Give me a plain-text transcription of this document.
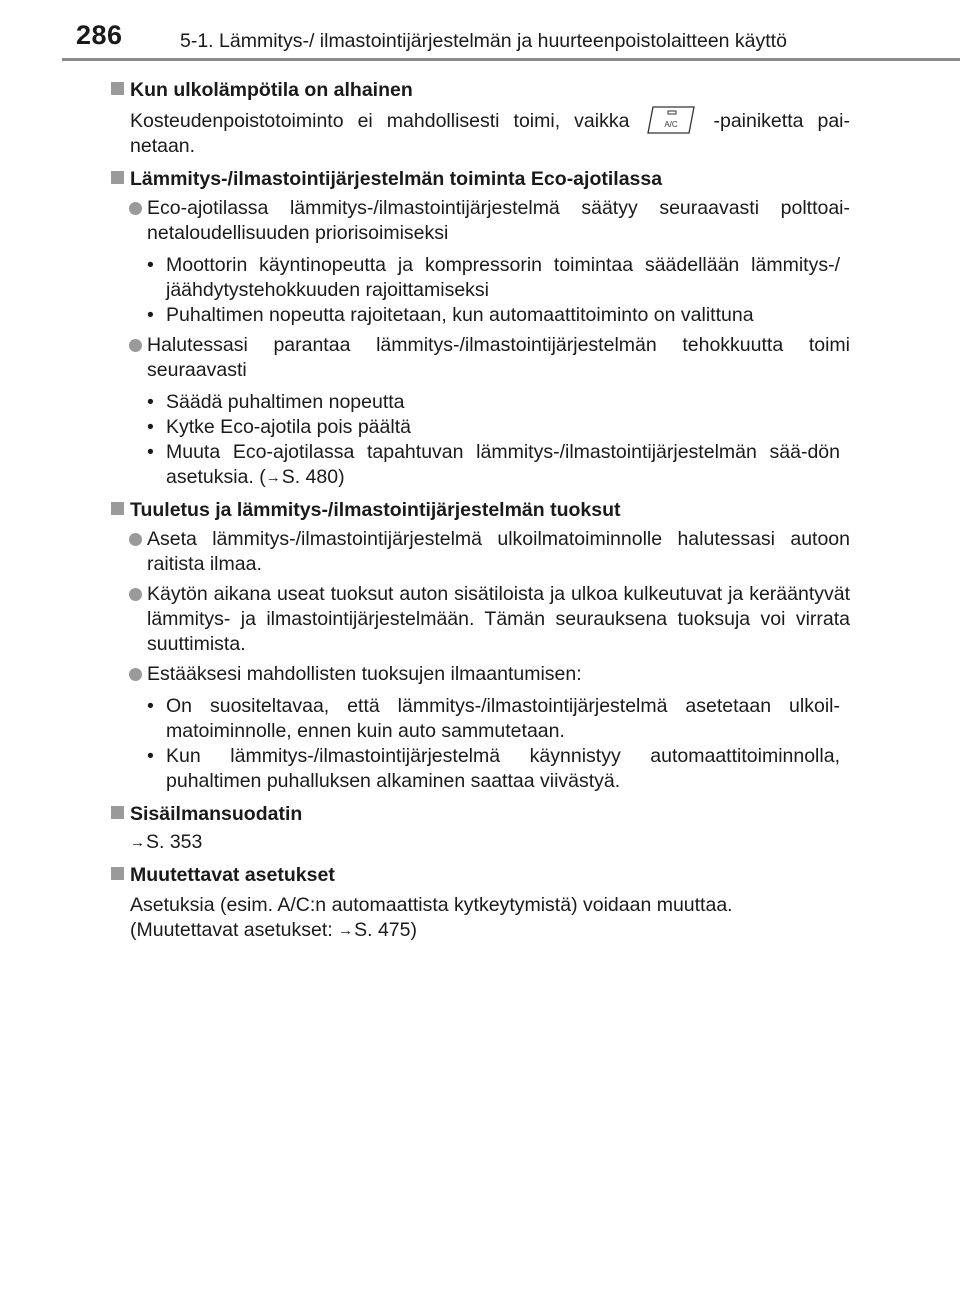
286	5-1. Lämmitys-/ ilmastointijärjestelmän ja huurteenpoistolaitteen käyttö
Kun ulkolämpötila on alhainen
Kosteudenpoistotoiminto ei mahdollisesti toimi, vaikka	A/C -painiketta pai-netaan.
Lämmitys-/ilmastointijärjestelmän toiminta Eco-ajotilassa
Eco-ajotilassa lämmitys-/ilmastointijärjestelmä säätyy seuraavasti polttoai-netaloudellisuuden priorisoimiseksi
• Moottorin käyntinopeutta ja kompressorin toimintaa säädellään lämmitys-/ jäähdytystehokkuuden rajoittamiseksi
• Puhaltimen nopeutta rajoitetaan, kun automaattitoiminto on valittuna
Halutessasi parantaa lämmitys-/ilmastointijärjestelmän tehokkuutta toimi seuraavasti
• Säädä puhaltimen nopeutta
• Kytke Eco-ajotila pois päältä
• Muuta Eco-ajotilassa tapahtuvan lämmitys-/ilmastointijärjestelmän sää-dön asetuksia. (→S. 480)
Tuuletus ja lämmitys-/ilmastointijärjestelmän tuoksut
Aseta lämmitys-/ilmastointijärjestelmä ulkoilmatoiminnolle halutessasi autoon raitista ilmaa.
Käytön aikana useat tuoksut auton sisätiloista ja ulkoa kulkeutuvat ja kerääntyvät lämmitys- ja ilmastointijärjestelmään. Tämän seurauksena tuoksuja voi virrata suuttimista.
Estääksesi mahdollisten tuoksujen ilmaantumisen:
• On suositeltavaa, että lämmitys-/ilmastointijärjestelmä asetetaan ulkoil-matoiminnolle, ennen kuin auto sammutetaan.
• Kun lämmitys-/ilmastointijärjestelmä käynnistyy automaattitoiminnolla, puhaltimen puhalluksen alkaminen saattaa viivästyä.
Sisäilmansuodatin
→S. 353
Muutettavat asetukset
Asetuksia (esim. A/C:n automaattista kytkeytymistä) voidaan muuttaa.
(Muutettavat asetukset: →S. 475)
